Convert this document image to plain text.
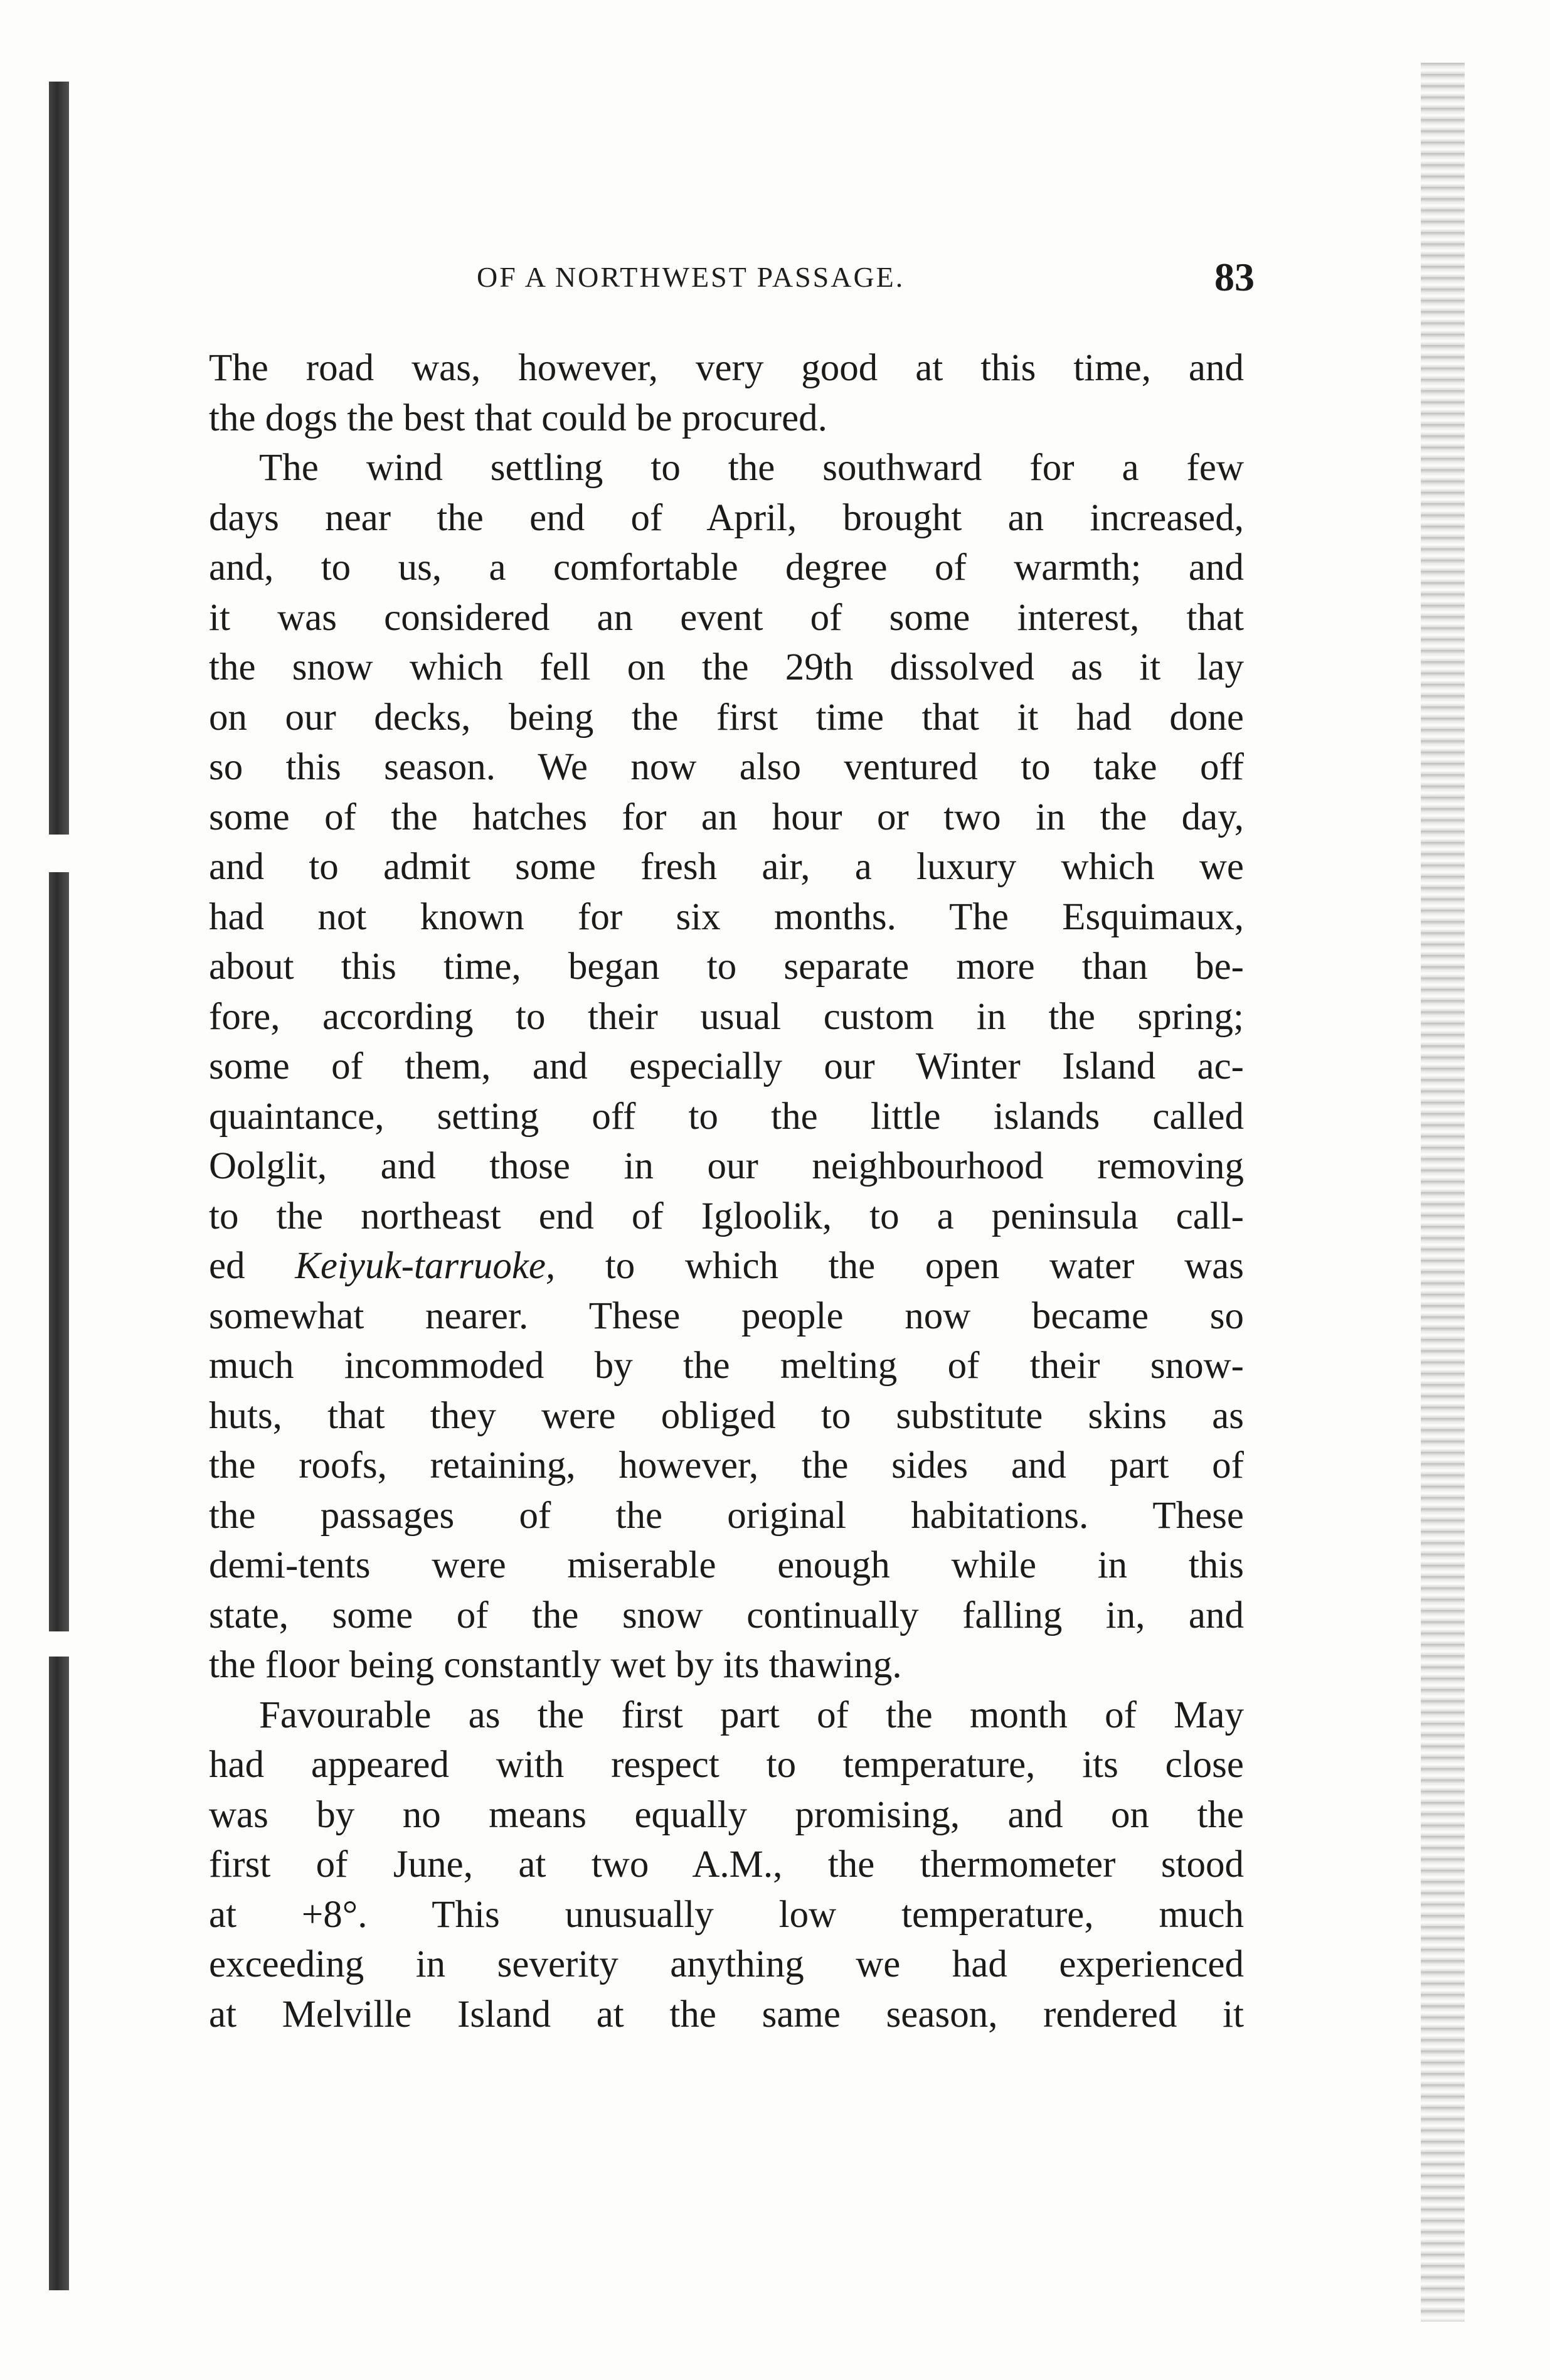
OF A NORTHWEST PASSAGE.	83
The road was, however, very good at this time, and
the dogs the best that could be procured.
The wind settling to the southward for a few
days near the end of April, brought an increased,
and, to us, a comfortable degree of warmth; and
it was considered an event of some interest, that
the snow which fell on the 29th dissolved as it lay
on our decks, being the first time that it had done
so this season. We now also ventured to take off
some of the hatches for an hour or two in the day,
and to admit some fresh air, a luxury which we
had not known for six months. The Esquimaux,
about this time, began to separate more than be-
fore, according to their usual custom in the spring;
some of them, and especially our Winter Island ac-
quaintance, setting off to the little islands called
Oolglit, and those in our neighbourhood removing
to the northeast end of Igloolik, to a peninsula call-
ed Keiyuk-tarruoke, to which the open water was
somewhat nearer. These people now became so
much incommoded by the melting of their snow-
huts, that they were obliged to substitute skins as
the roofs, retaining, however, the sides and part of
the passages of the original habitations. These
demi-tents were miserable enough while in this
state, some of the snow continually falling in, and
the floor being constantly wet by its thawing.
Favourable as the first part of the month of May
had appeared with respect to temperature, its close
was by no means equally promising, and on the
first of June, at two A.M., the thermometer stood
at +8°. This unusually low temperature, much
exceeding in severity anything we had experienced
at Melville Island at the same season, rendered it
